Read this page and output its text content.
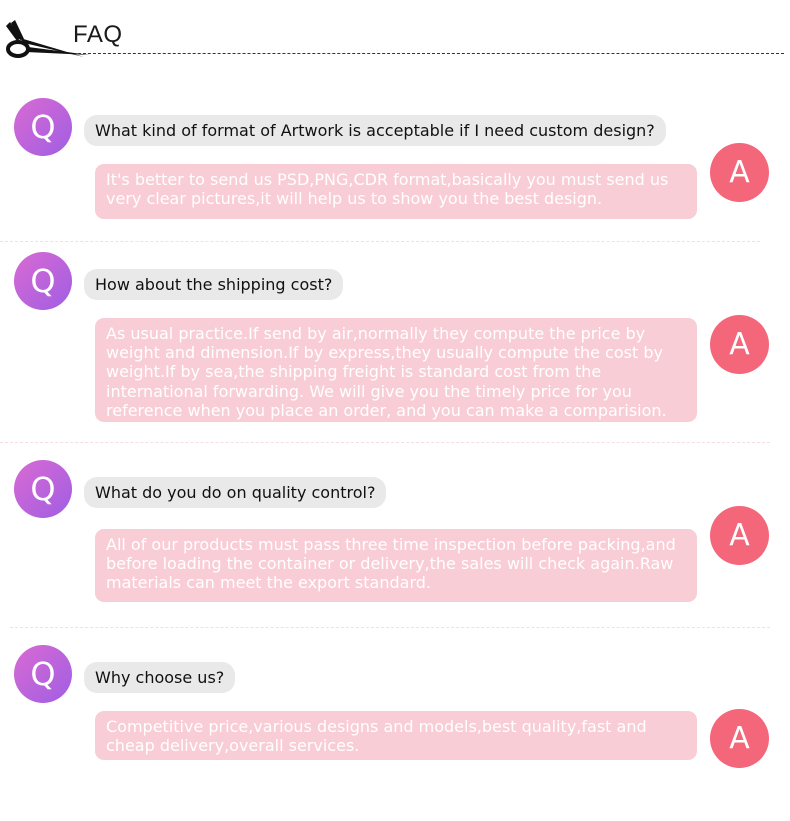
FAQ
Q	What kind of format of Artwork is acceptable if I need custom design?
It's better to send us PSD,PNG,CDR format,basically you must send us very clear pictures,it will help us to show you the best design.
A
Q	How about the shipping cost?
As usual practice.If send by air,normally they compute the price by weight and dimension.If by express,they usually compute the cost by weight.If by sea,the shipping freight is standard cost from the international forwarding. We will give you the timely price for you reference when you place an order, and you can make a comparision.
A
Q	What do you do on quality control?
All of our products must pass three time inspection before packing,and before loading the container or delivery,the sales will check again.Raw materials can meet the export standard.
A
Q	Why choose us?
Competitive price,various designs and models,best quality,fast and cheap delivery,overall services.	A
